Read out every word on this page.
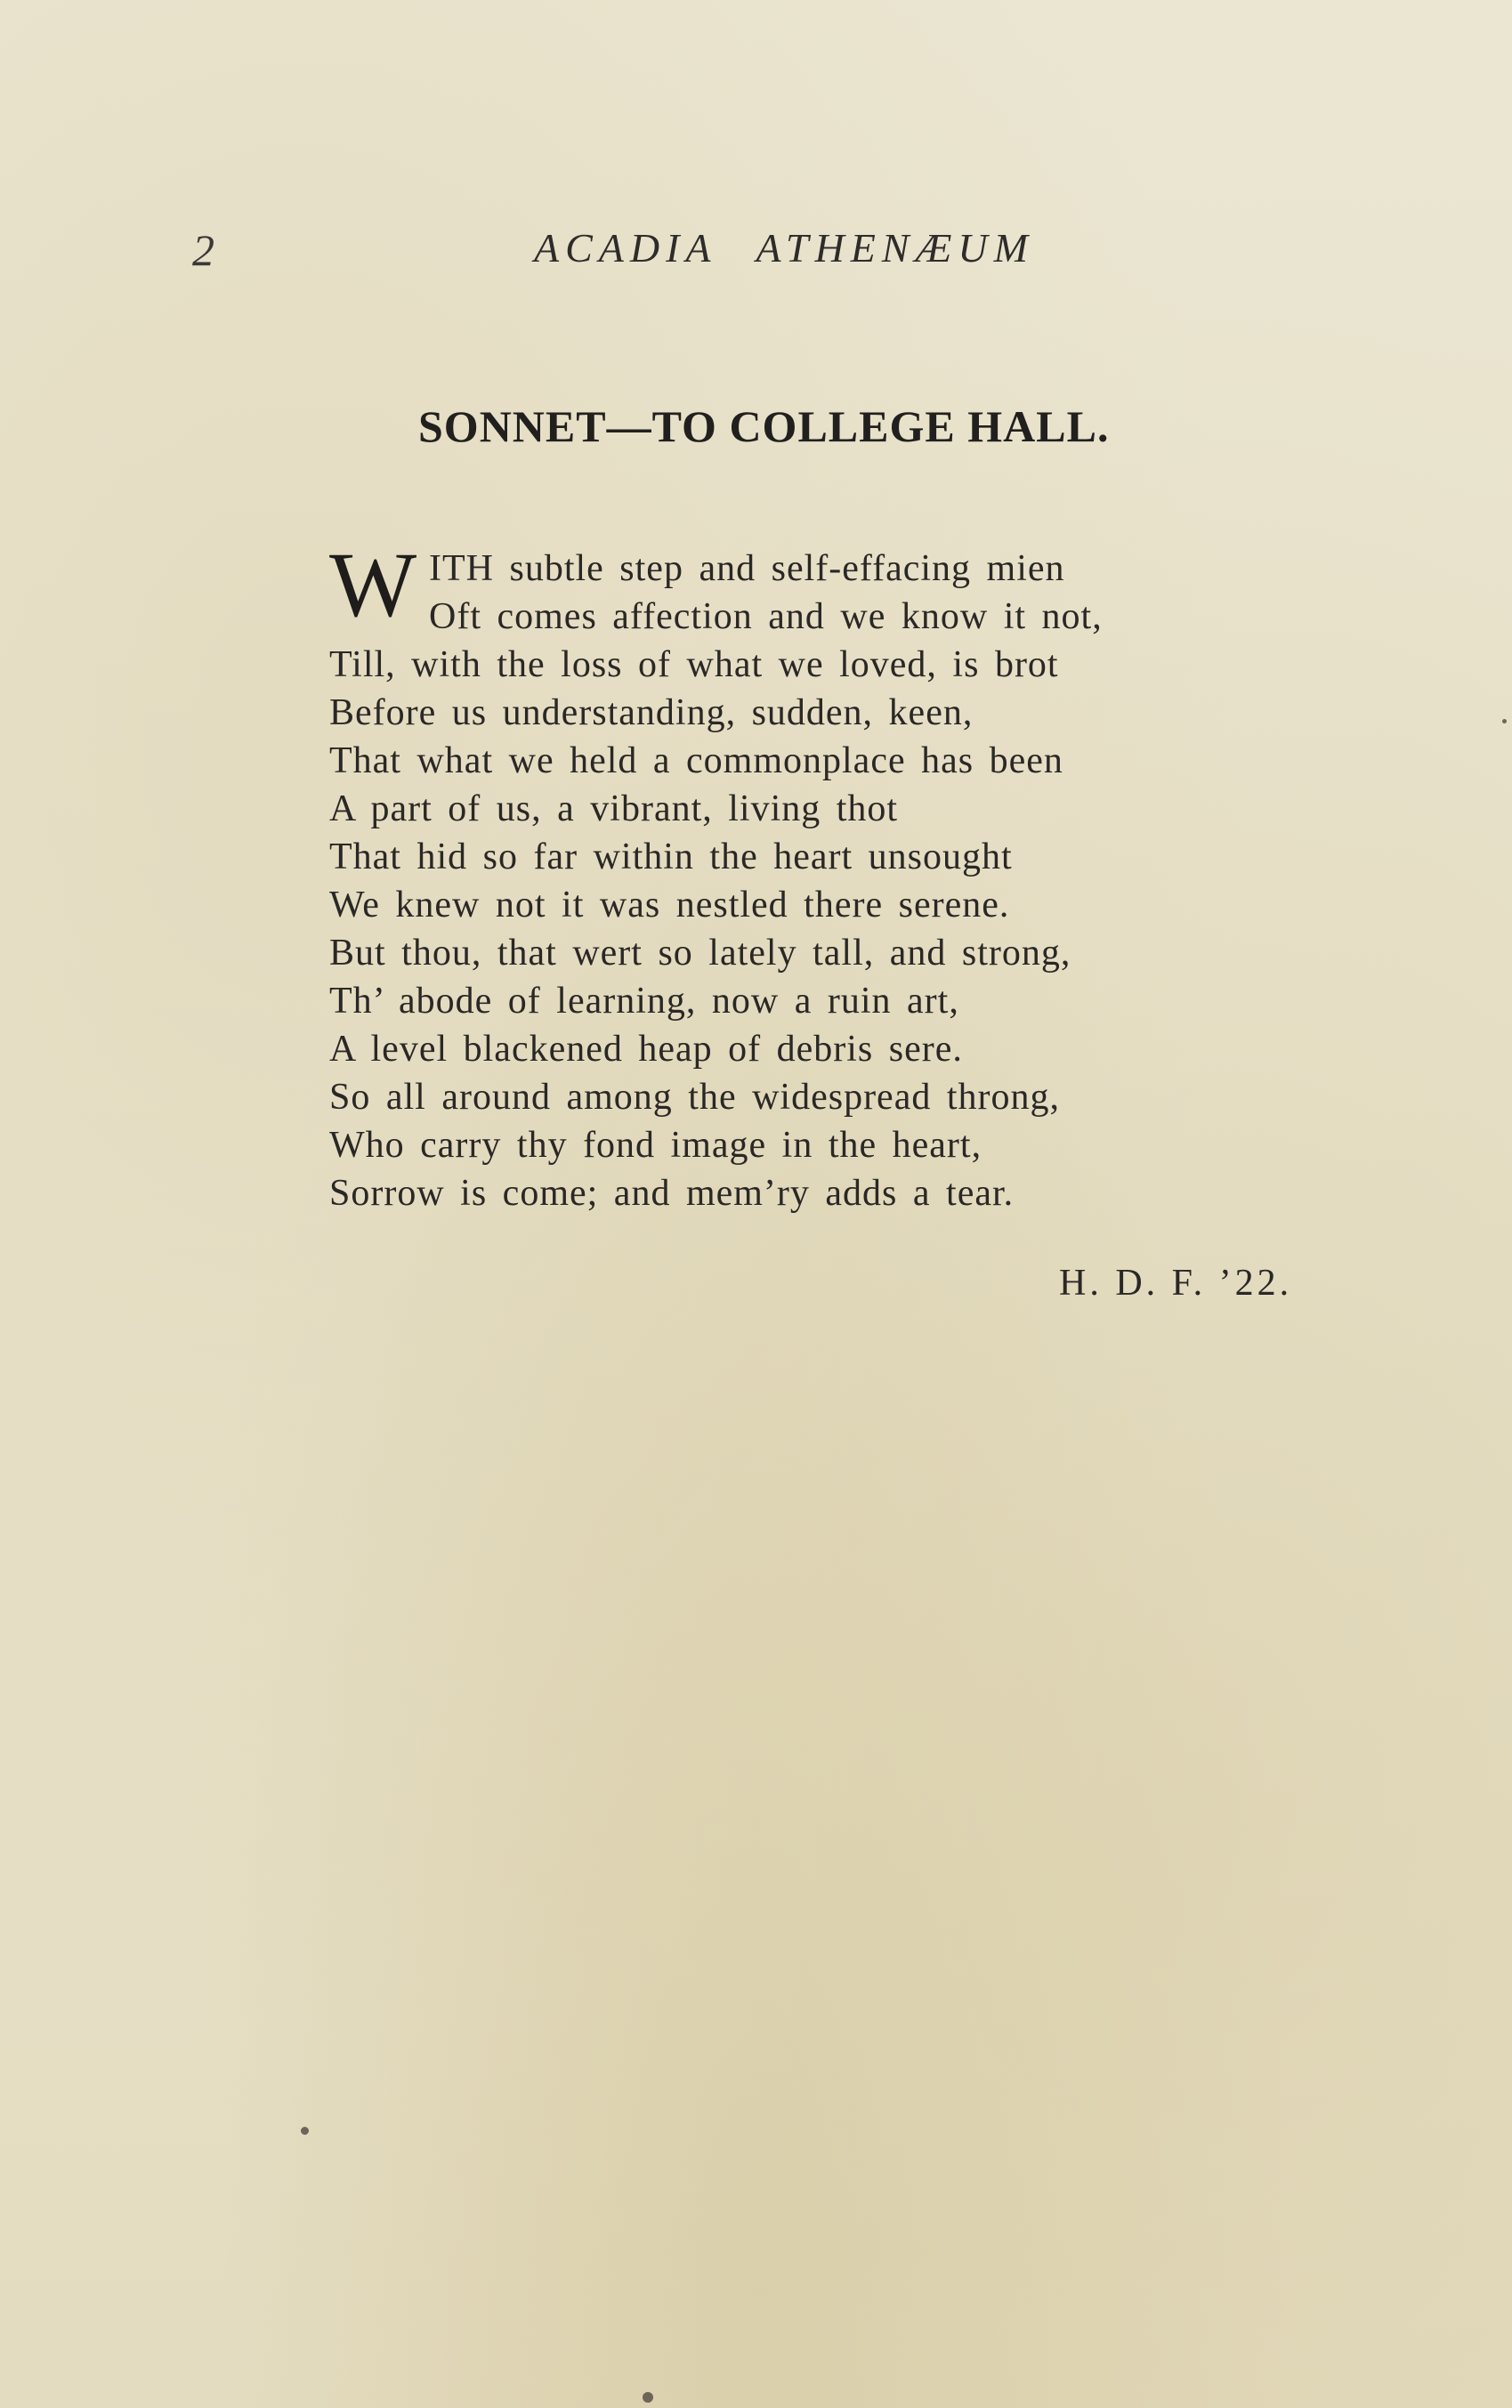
2	ACADIA ATHENÆUM
SONNET—TO COLLEGE HALL.
W ITH subtle step and self-effacing mien
Oft comes affection and we know it not,
Till, with the loss of what we loved, is brot
Before us understanding, sudden, keen,
That what we held a commonplace has been
A part of us, a vibrant, living thot
That hid so far within the heart unsought
We knew not it was nestled there serene.
But thou, that wert so lately tall, and strong,
Th’ abode of learning, now a ruin art,
A level blackened heap of debris sere.
So all around among the widespread throng,
Who carry thy fond image in the heart,
Sorrow is come; and mem’ry adds a tear.
H. D. F. ’22.
